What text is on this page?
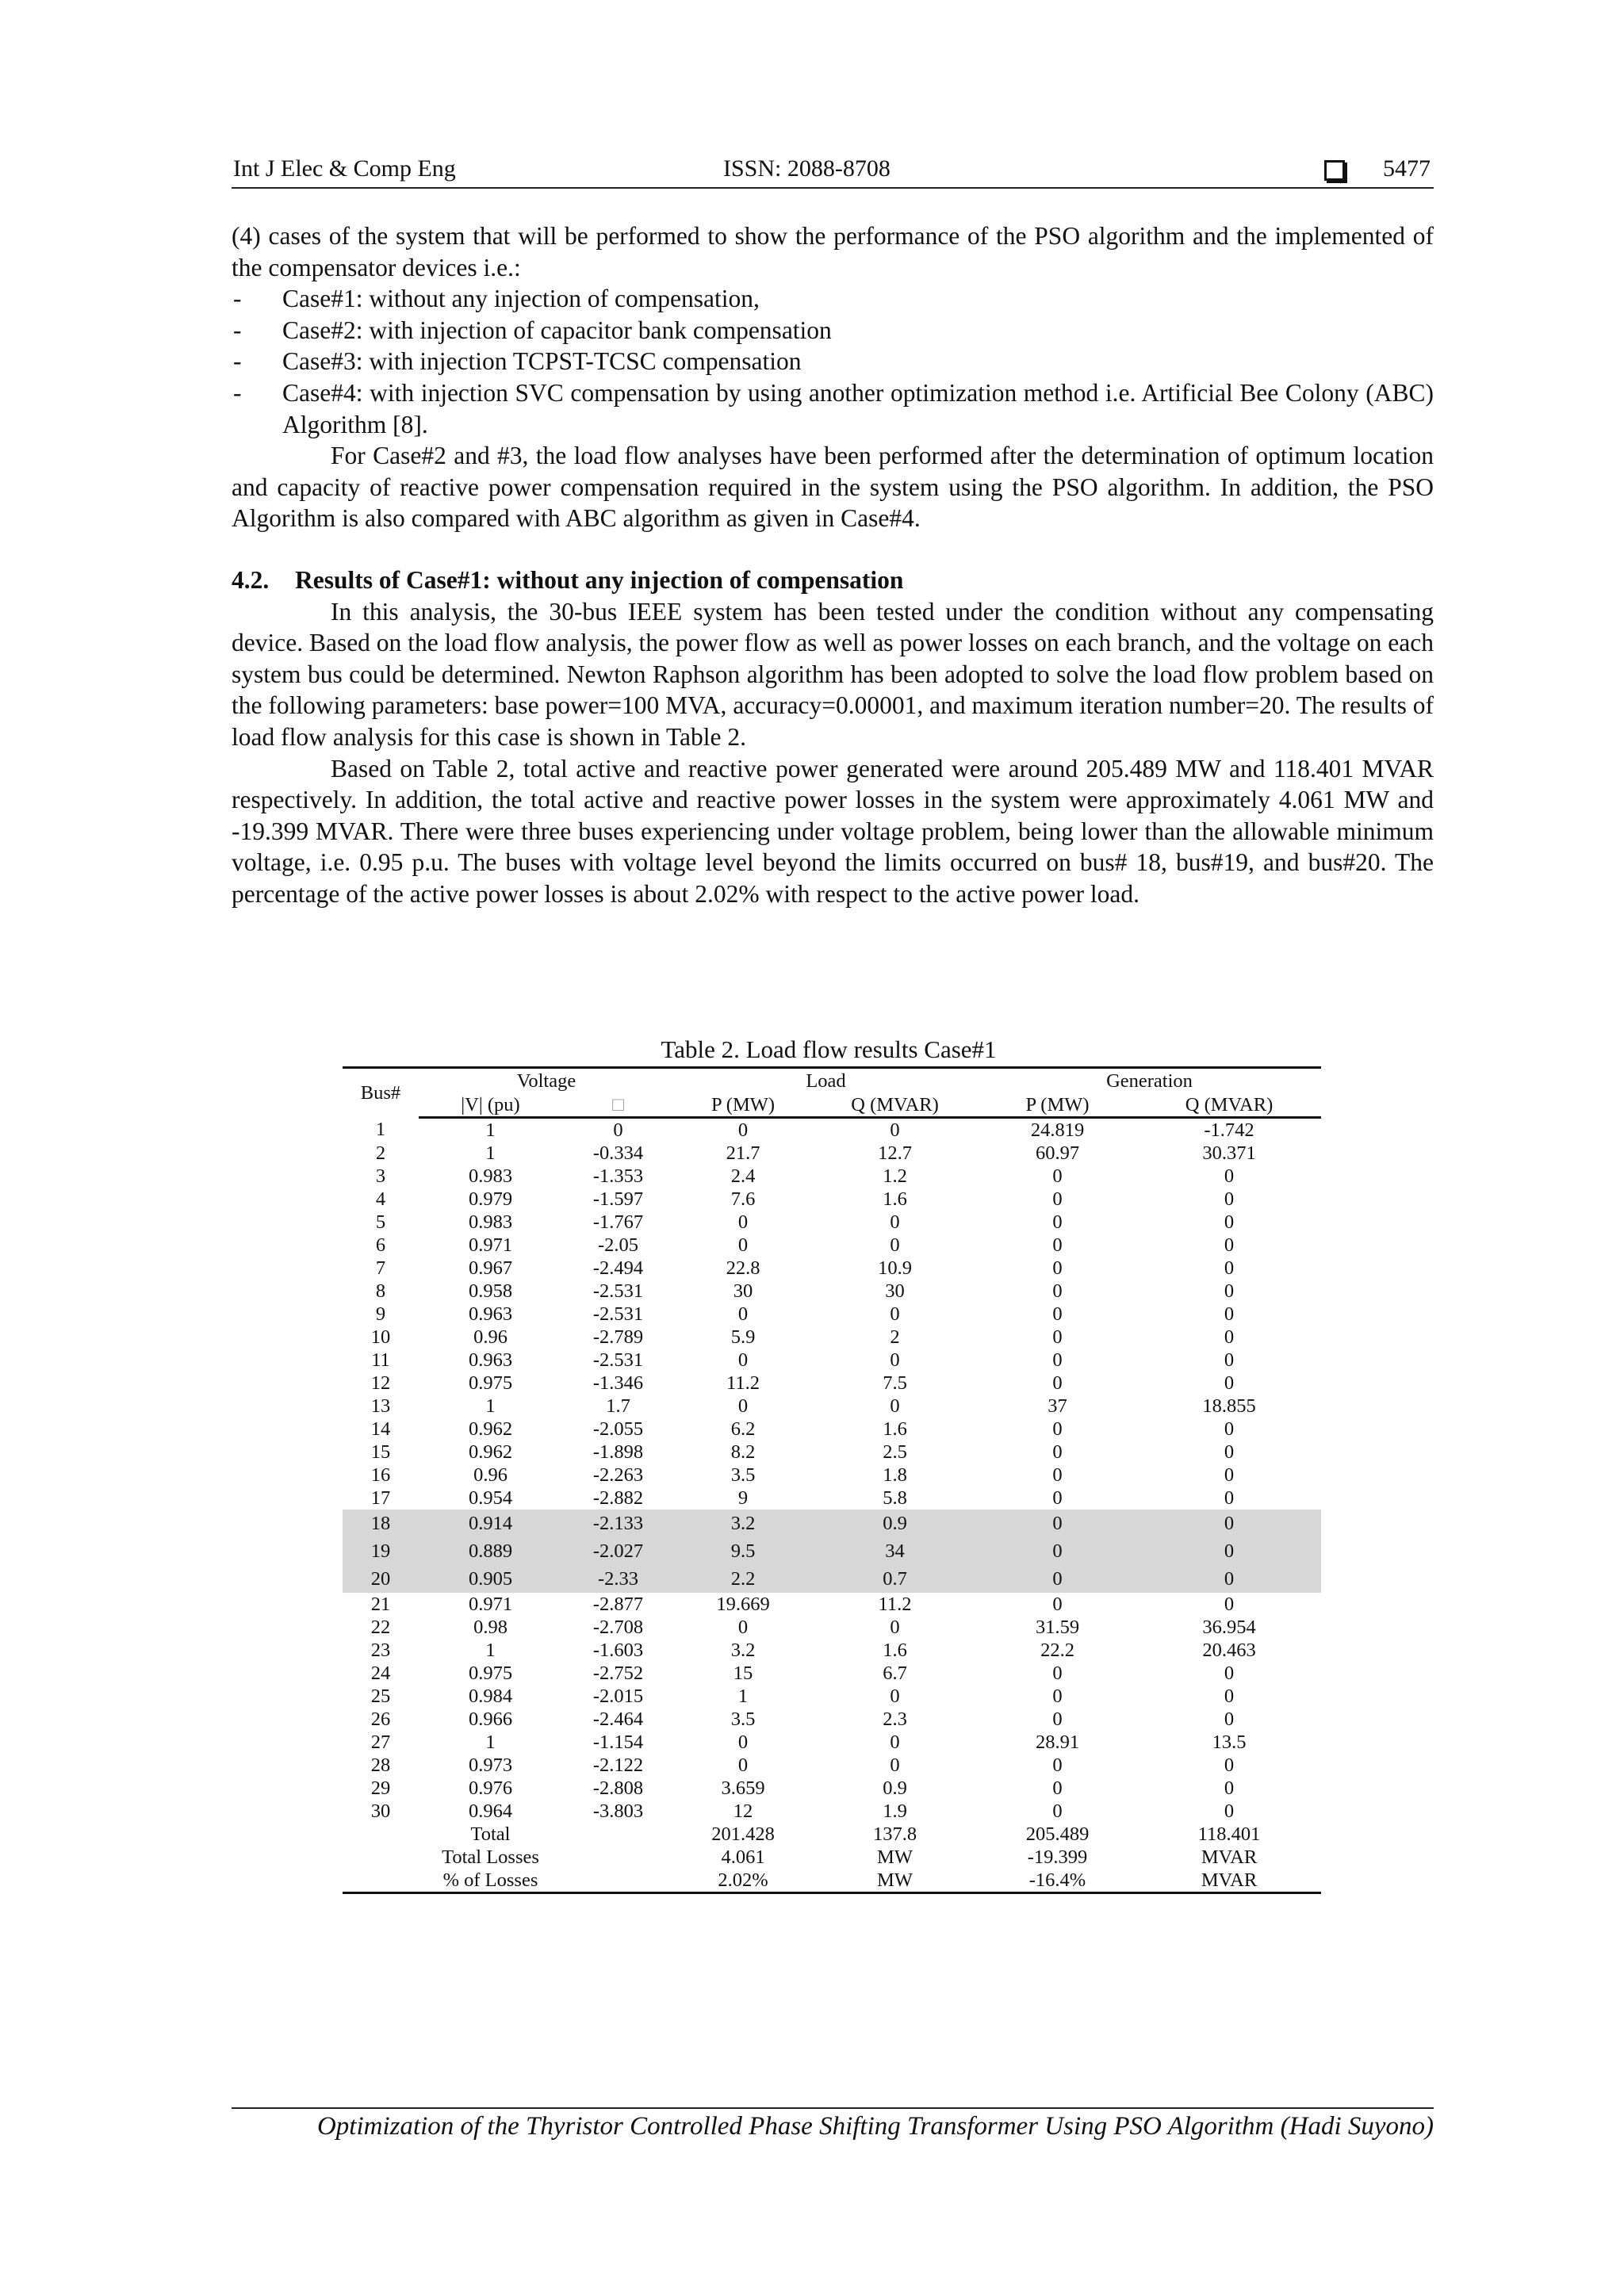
Int J Elec & Comp Eng	ISSN: 2088-8708	5477

(4) cases of the system that will be performed to show the performance of the PSO algorithm and the implemented of the compensator devices i.e.:

- Case#1: without any injection of compensation,
- Case#2: with injection of capacitor bank compensation
- Case#3: with injection TCPST-TCSC compensation
- Case#4: with injection SVC compensation by using another optimization method i.e. Artificial Bee Colony (ABC) Algorithm [8].

For Case#2 and #3, the load flow analyses have been performed after the determination of optimum location and capacity of reactive power compensation required in the system using the PSO algorithm. In addition, the PSO Algorithm is also compared with ABC algorithm as given in Case#4.

4.2. Results of Case#1: without any injection of compensation

In this analysis, the 30-bus IEEE system has been tested under the condition without any compensating device. Based on the load flow analysis, the power flow as well as power losses on each branch, and the voltage on each system bus could be determined. Newton Raphson algorithm has been adopted to solve the load flow problem based on the following parameters: base power=100 MVA, accuracy=0.00001, and maximum iteration number=20. The results of load flow analysis for this case is shown in Table 2.

Based on Table 2, total active and reactive power generated were around 205.489 MW and 118.401 MVAR respectively. In addition, the total active and reactive power losses in the system were approximately 4.061 MW and -19.399 MVAR. There were three buses experiencing under voltage problem, being lower than the allowable minimum voltage, i.e. 0.95 p.u. The buses with voltage level beyond the limits occurred on bus# 18, bus#19, and bus#20. The percentage of the active power losses is about 2.02% with respect to the active power load.

Table 2. Load flow results Case#1
Bus#	Voltage		Load		Generation	
	|V| (pu)	□	P (MW)	Q (MVAR)	P (MW)	Q (MVAR)
1	1	0	0	0	24.819	-1.742
2	1	-0.334	21.7	12.7	60.97	30.371
3	0.983	-1.353	2.4	1.2	0	0
4	0.979	-1.597	7.6	1.6	0	0
5	0.983	-1.767	0	0	0	0
6	0.971	-2.05	0	0	0	0
7	0.967	-2.494	22.8	10.9	0	0
8	0.958	-2.531	30	30	0	0
9	0.963	-2.531	0	0	0	0
10	0.96	-2.789	5.9	2	0	0
11	0.963	-2.531	0	0	0	0
12	0.975	-1.346	11.2	7.5	0	0
13	1	1.7	0	0	37	18.855
14	0.962	-2.055	6.2	1.6	0	0
15	0.962	-1.898	8.2	2.5	0	0
16	0.96	-2.263	3.5	1.8	0	0
17	0.954	-2.882	9	5.8	0	0
18	0.914	-2.133	3.2	0.9	0	0
19	0.889	-2.027	9.5	34	0	0
20	0.905	-2.33	2.2	0.7	0	0
21	0.971	-2.877	19.669	11.2	0	0
22	0.98	-2.708	0	0	31.59	36.954
23	1	-1.603	3.2	1.6	22.2	20.463
24	0.975	-2.752	15	6.7	0	0
25	0.984	-2.015	1	0	0	0
26	0.966	-2.464	3.5	2.3	0	0
27	1	-1.154	0	0	28.91	13.5
28	0.973	-2.122	0	0	0	0
29	0.976	-2.808	3.659	0.9	0	0
30	0.964	-3.803	12	1.9	0	0
	Total		201.428	137.8	205.489	118.401
	Total Losses		4.061	MW	-19.399	MVAR
	% of Losses		2.02%	MW	-16.4%	MVAR
Optimization of the Thyristor Controlled Phase Shifting Transformer Using PSO Algorithm (Hadi Suyono)
